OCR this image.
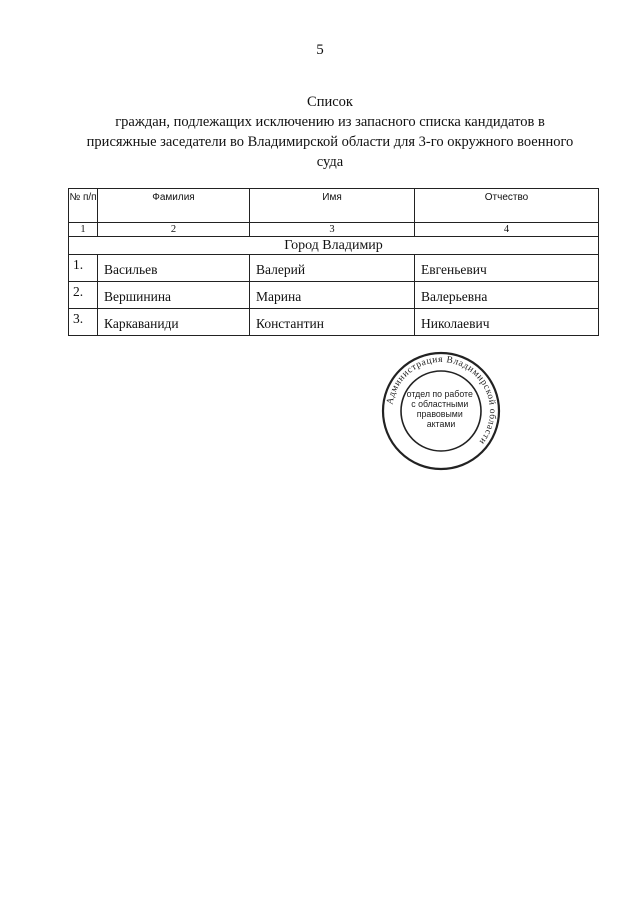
5
Список
граждан, подлежащих исключению из запасного списка кандидатов в
присяжные заседатели во Владимирской области для 3-го окружного военного
суда
№ п/п	Фамилия	Имя	Отчество
1	2	3	4
Город Владимир			
1.	Васильев	Валерий	Евгеньевич
2.	Вершинина	Марина	Валерьевна
3.	Каркаваниди	Константин	Николаевич
Администрация Владимирской области
отдел по работе с областными правовыми актами
